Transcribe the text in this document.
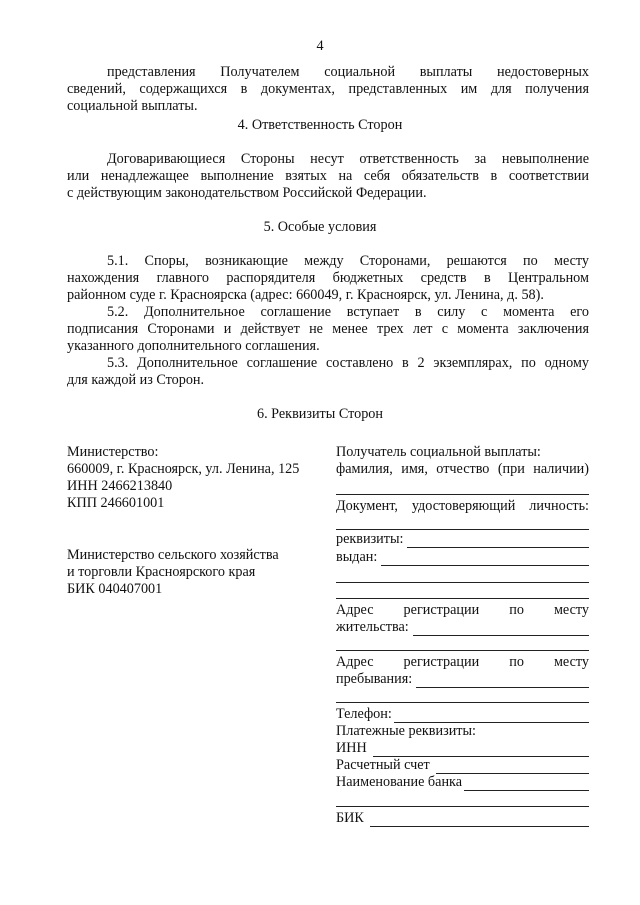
4
представления Получателем социальной выплаты недостоверных
сведений, содержащихся в документах, представленных им для получения
социальной выплаты.
4. Ответственность Сторон
Договаривающиеся Стороны несут ответственность за невыполнение
или ненадлежащее выполнение взятых на себя обязательств в соответствии
с действующим законодательством Российской Федерации.
5. Особые условия
5.1. Споры, возникающие между Сторонами, решаются по месту
нахождения главного распорядителя бюджетных средств в Центральном
районном суде г. Красноярска (адрес: 660049, г. Красноярск, ул. Ленина, д. 58).
5.2. Дополнительное соглашение вступает в силу с момента его
подписания Сторонами и действует не менее трех лет с момента заключения
указанного дополнительного соглашения.
5.3. Дополнительное соглашение составлено в 2 экземплярах, по одному
для каждой из Сторон.
6. Реквизиты Сторон
Министерство:
660009, г. Красноярск, ул. Ленина, 125
ИНН 2466213840
КПП 246601001
Министерство сельского хозяйства
и торговли Красноярского края
БИК 040407001
Получатель социальной выплаты:
фамилия, имя, отчество (при наличии)
Документ, удостоверяющий личность:
реквизиты:
выдан:
Адрес регистрации по месту
жительства:
Адрес регистрации по месту
пребывания:
Телефон:
Платежные реквизиты:
ИНН
Расчетный счет
Наименование банка
БИК
